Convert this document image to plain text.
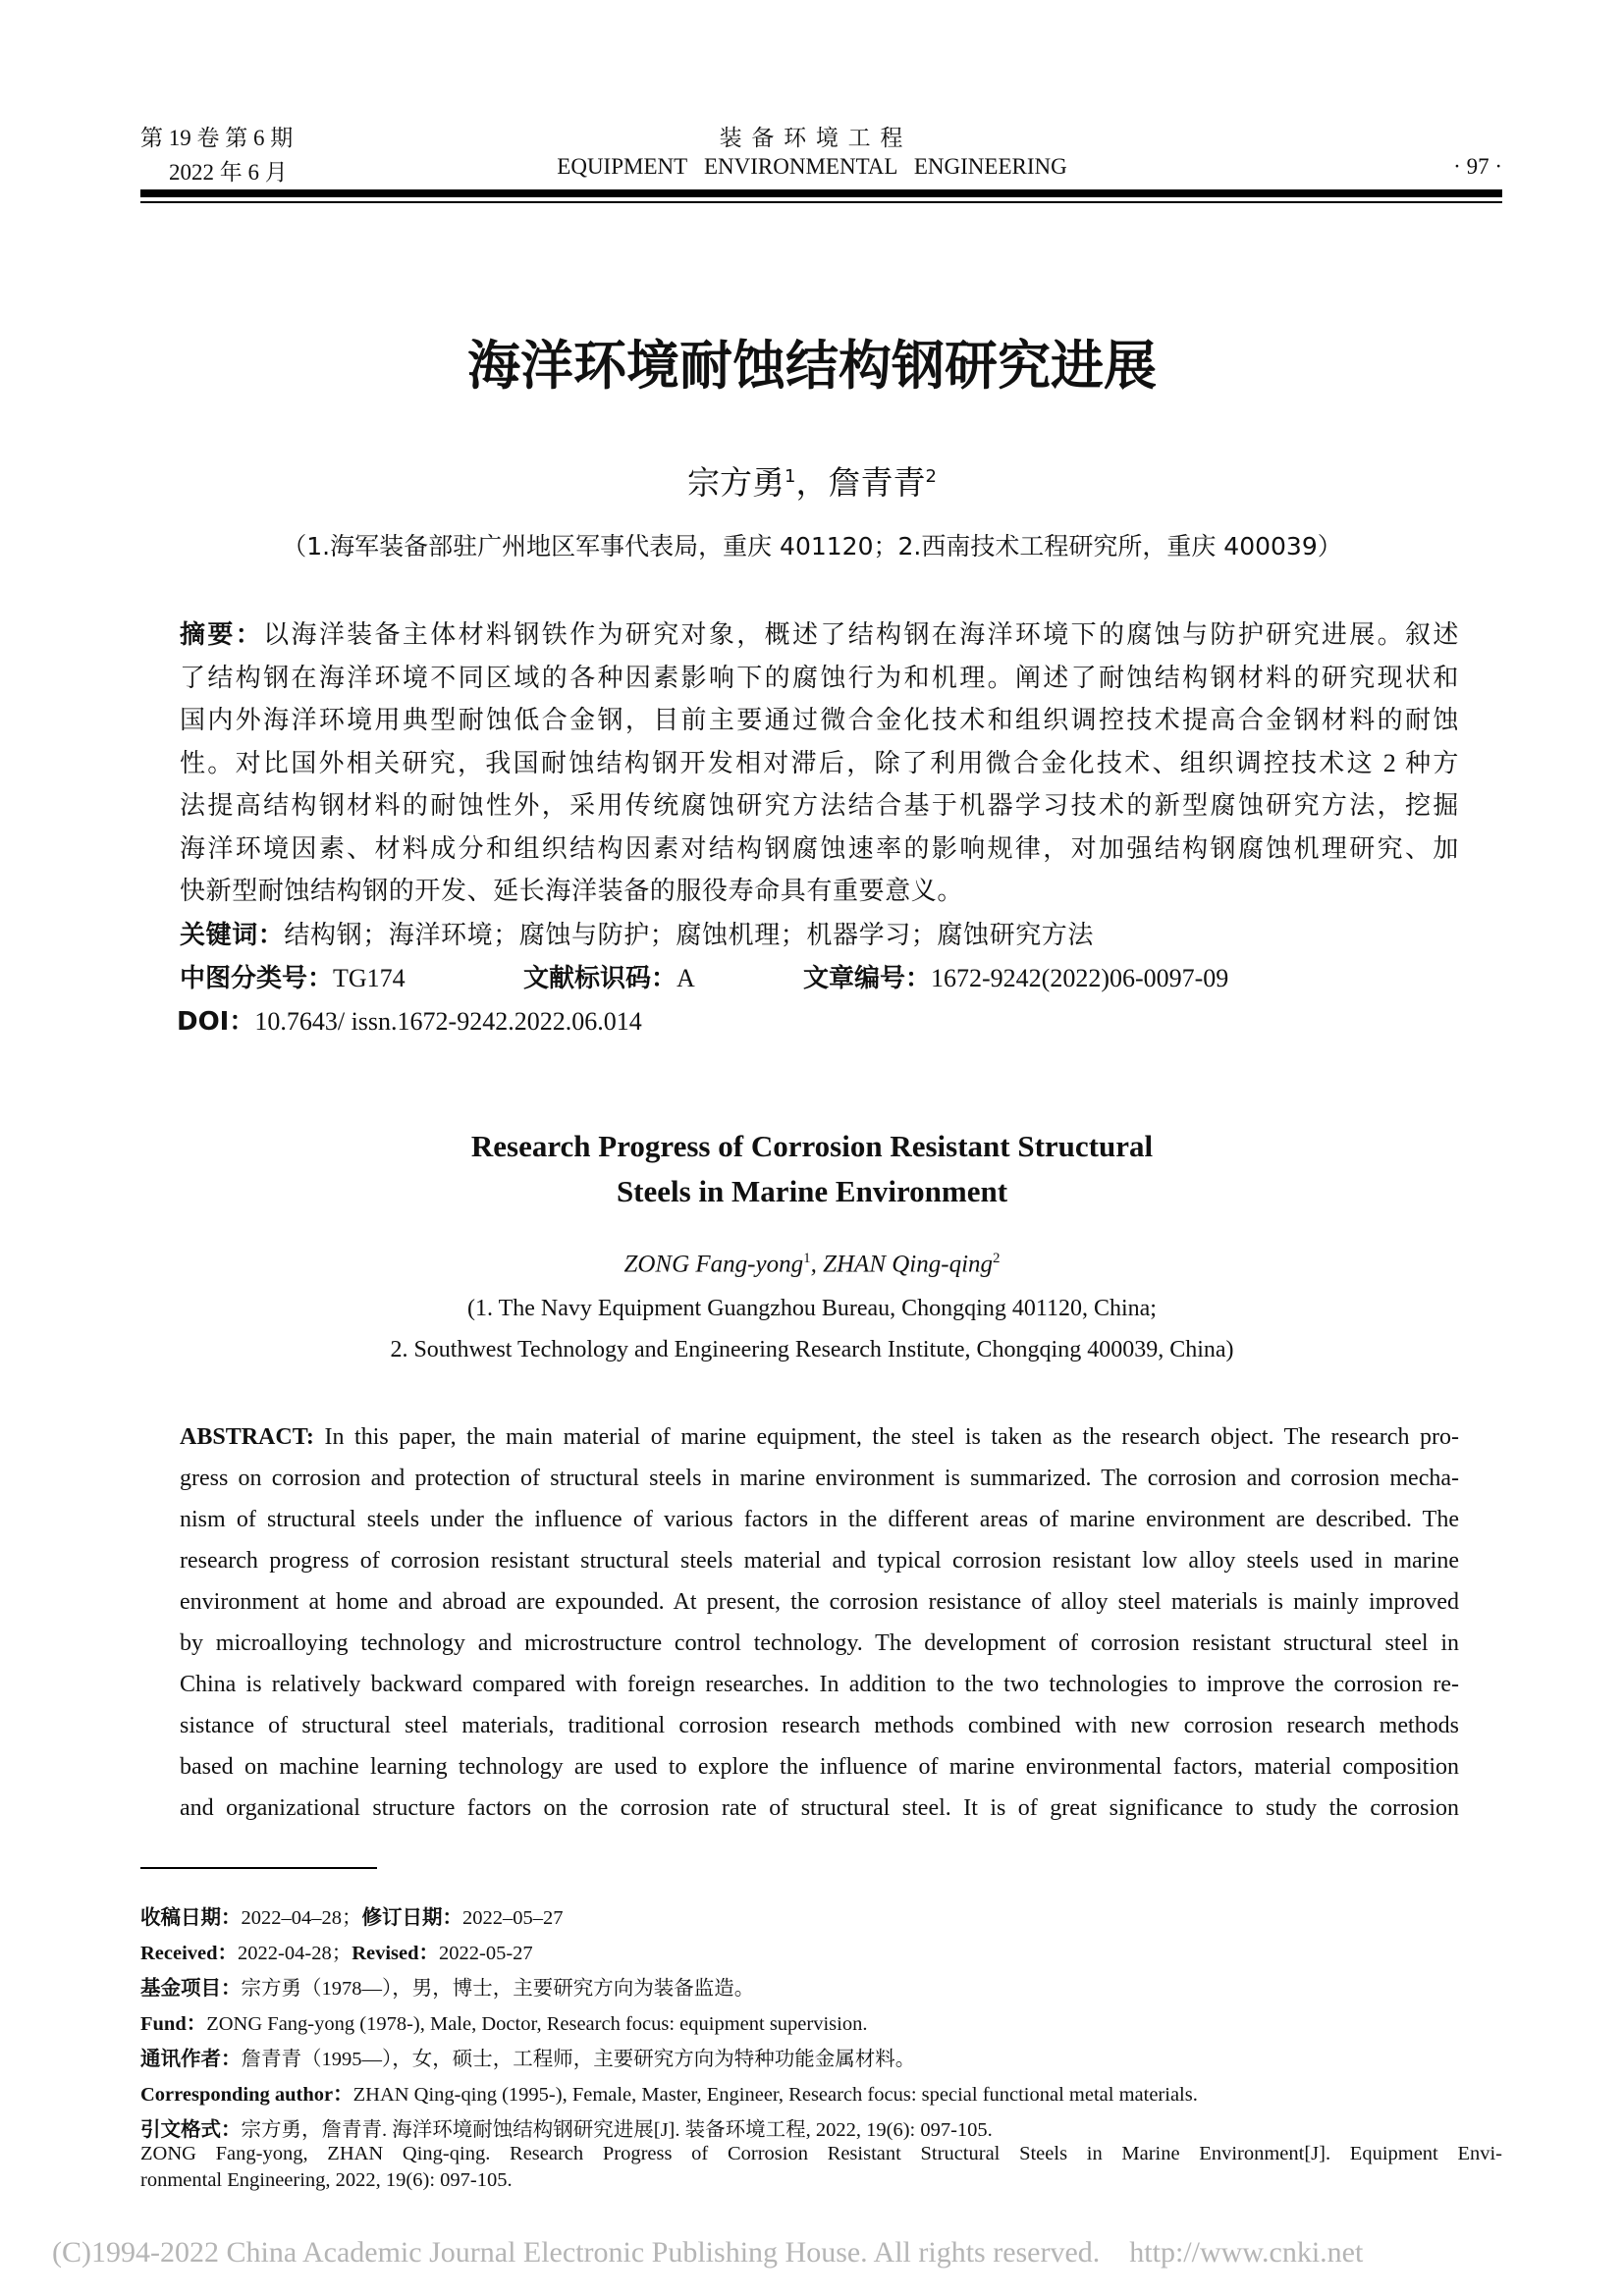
第 19 卷 第 6 期
2022 年 6 月
装 备 环 境 工 程
EQUIPMENT   ENVIRONMENTAL   ENGINEERING	· 97 ·
海洋环境耐蚀结构钢研究进展
宗方勇$^1$，詹青青$^2$
（1.海军装备部驻广州地区军事代表局，重庆 401120；2.西南技术工程研究所，重庆 400039）
摘要：以海洋装备主体材料钢铁作为研究对象，概述了结构钢在海洋环境下的腐蚀与防护研究进展。叙述
了结构钢在海洋环境不同区域的各种因素影响下的腐蚀行为和机理。阐述了耐蚀结构钢材料的研究现状和
国内外海洋环境用典型耐蚀低合金钢，目前主要通过微合金化技术和组织调控技术提高合金钢材料的耐蚀
性。对比国外相关研究，我国耐蚀结构钢开发相对滞后，除了利用微合金化技术、组织调控技术这 2 种方
法提高结构钢材料的耐蚀性外，采用传统腐蚀研究方法结合基于机器学习技术的新型腐蚀研究方法，挖掘
海洋环境因素、材料成分和组织结构因素对结构钢腐蚀速率的影响规律，对加强结构钢腐蚀机理研究、加
快新型耐蚀结构钢的开发、延长海洋装备的服役寿命具有重要意义。
关键词：结构钢；海洋环境；腐蚀与防护；腐蚀机理；机器学习；腐蚀研究方法
中图分类号：TG174	文献标识码：A	文章编号：1672-9242(2022)06-0097-09
DOI：10.7643/ issn.1672-9242.2022.06.014
Research Progress of Corrosion Resistant Structural
Steels in Marine Environment
ZONG Fang-yong$^1$, ZHAN Qing-qing$^2$
(1. The Navy Equipment Guangzhou Bureau, Chongqing 401120, China;
2. Southwest Technology and Engineering Research Institute, Chongqing 400039, China)
ABSTRACT: In this paper, the main material of marine equipment, the steel is taken as the research object. The research pro-
gress on corrosion and protection of structural steels in marine environment is summarized. The corrosion and corrosion mecha-
nism of structural steels under the influence of various factors in the different areas of marine environment are described. The
research progress of corrosion resistant structural steels material and typical corrosion resistant low alloy steels used in marine
environment at home and abroad are expounded. At present, the corrosion resistance of alloy steel materials is mainly improved
by microalloying technology and microstructure control technology. The development of corrosion resistant structural steel in
China is relatively backward compared with foreign researches. In addition to the two technologies to improve the corrosion re-
sistance of structural steel materials, traditional corrosion research methods combined with new corrosion research methods
based on machine learning technology are used to explore the influence of marine environmental factors, material composition
and organizational structure factors on the corrosion rate of structural steel. It is of great significance to study the corrosion
收稿日期：2022–04–28；修订日期：2022–05–27
Received：2022-04-28；Revised：2022-05-27
基金项目：宗方勇（1978—），男，博士，主要研究方向为装备监造。
Fund：ZONG Fang-yong (1978-), Male, Doctor, Research focus: equipment supervision.
通讯作者：詹青青（1995—），女，硕士，工程师，主要研究方向为特种功能金属材料。
Corresponding author：ZHAN Qing-qing (1995-), Female, Master, Engineer, Research focus: special functional metal materials.
引文格式：宗方勇，詹青青. 海洋环境耐蚀结构钢研究进展[J]. 装备环境工程, 2022, 19(6): 097-105.
ZONG Fang-yong, ZHAN Qing-qing. Research Progress of Corrosion Resistant Structural Steels in Marine Environment[J]. Equipment Envi-
ronmental Engineering, 2022, 19(6): 097-105.
(C)1994-2022 China Academic Journal Electronic Publishing House. All rights reserved.    http://www.cnki.net
